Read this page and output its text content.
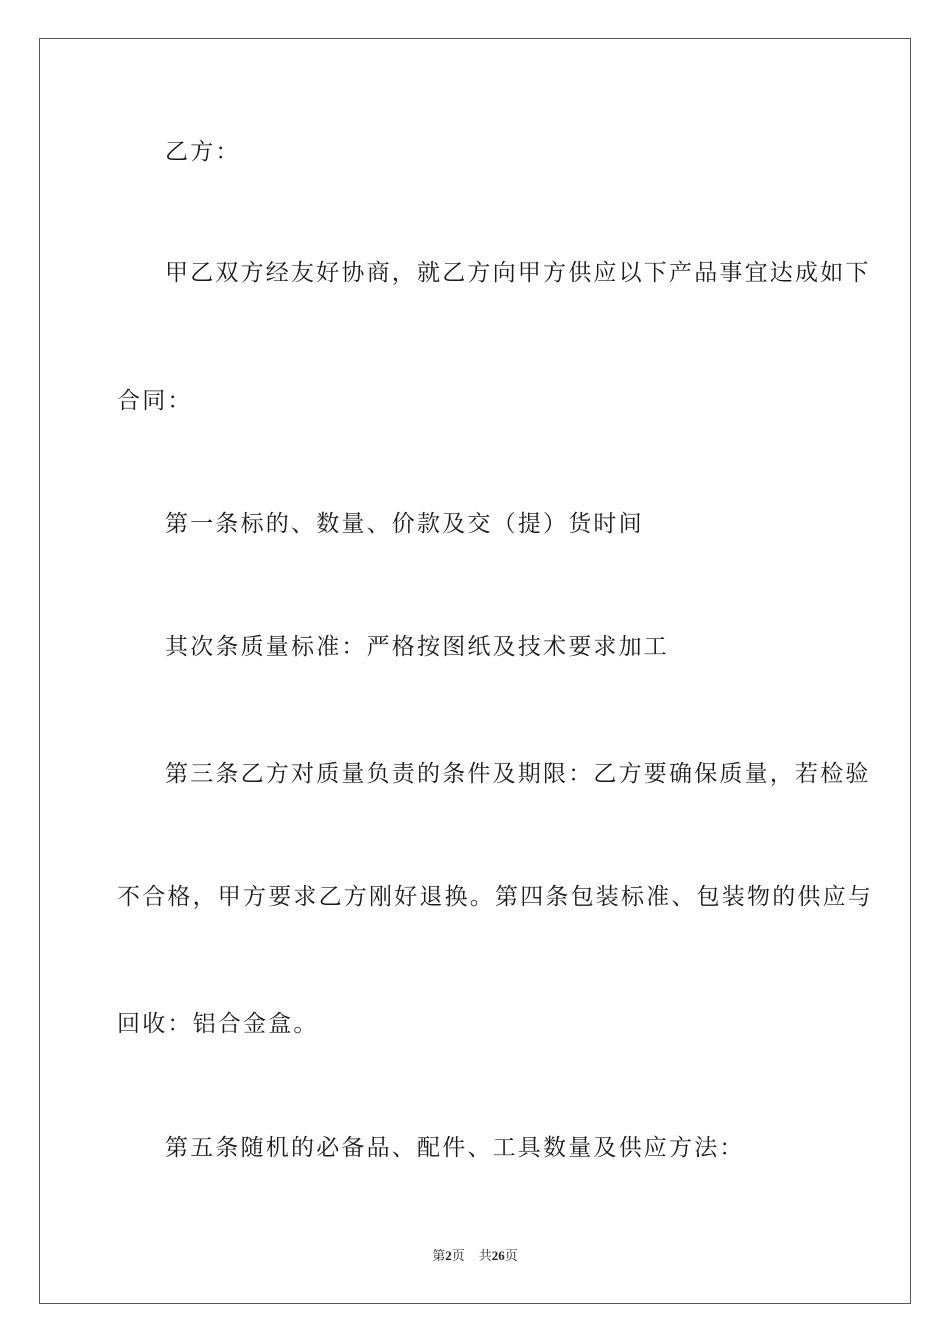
乙方：
甲乙双方经友好协商，就乙方向甲方供应以下产品事宜达成如下
合同：
第一条标的、数量、价款及交（提）货时间
其次条质量标准：严格按图纸及技术要求加工
第三条乙方对质量负责的条件及期限：乙方要确保质量，若检验
不合格，甲方要求乙方刚好退换。第四条包装标准、包装物的供应与
回收：铝合金盒。
第五条随机的必备品、配件、工具数量及供应方法：
第2页 共26页
